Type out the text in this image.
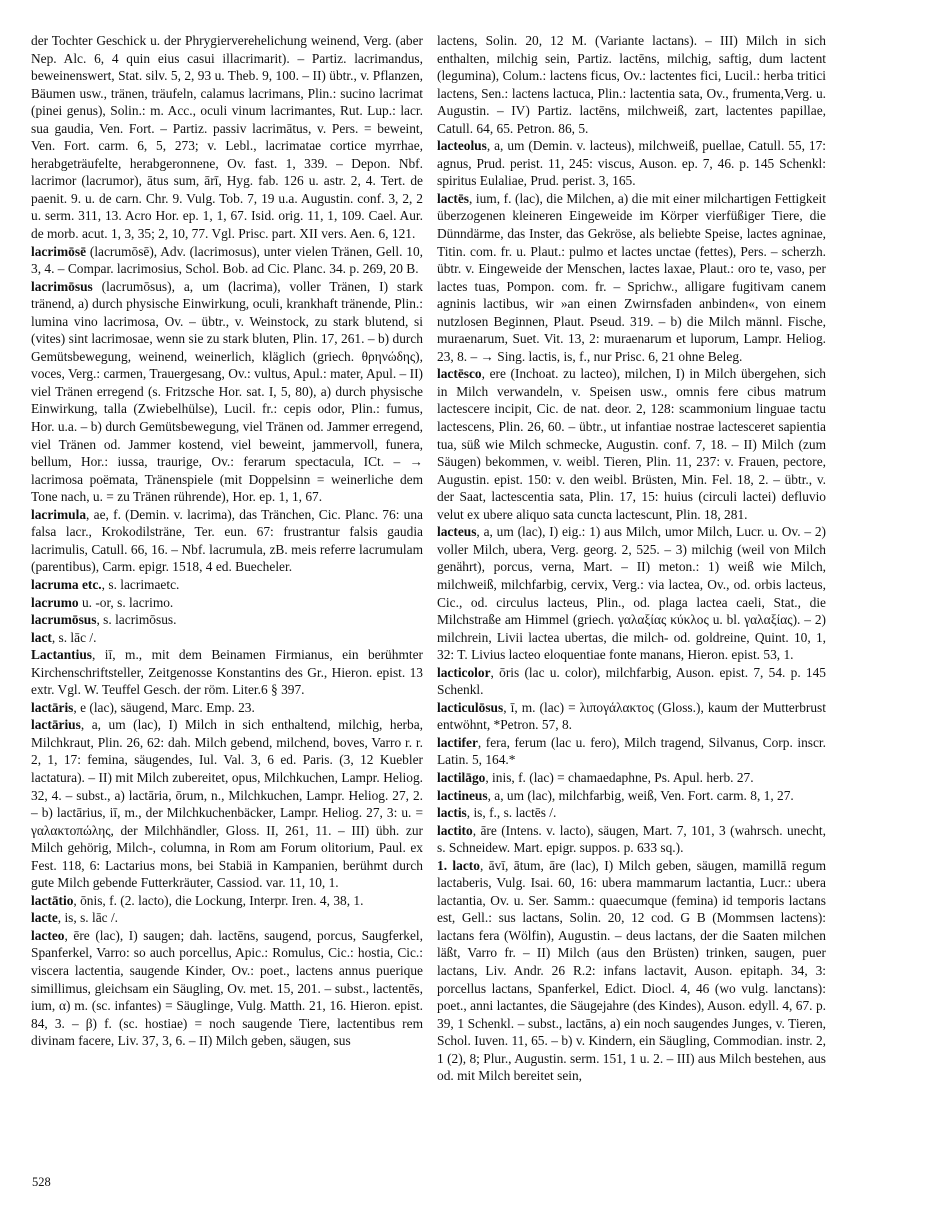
der Tochter Geschick u. der Phrygierverehelichung weinend, Verg. (aber Nep. Alc. 6, 4 quin eius casui illacrimarit). – Partiz. lacrimandus, beweinenswert, Stat. silv. 5, 2, 93 u. Theb. 9, 100. – II) übtr., v. Pflanzen, Bäumen usw., tränen, träufeln, calamus lacrimans, Plin.: sucino lacrimat (pinei genus), Solin.: m. Acc., oculi vinum lacrimantes, Rut. Lup.: lacr. sua gaudia, Ven. Fort. – Partiz. passiv lacrimātus, v. Pers. = beweint, Ven. Fort. carm. 6, 5, 273; v. Lebl., lacrimatae cortice myrrhae, herabgeträufelte, herabgeronnene, Ov. fast. 1, 339. – Depon. Nbf. lacrimor (lacrumor), ātus sum, ārī, Hyg. fab. 126 u. astr. 2, 4. Tert. de paenit. 9. u. de carn. Chr. 9. Vulg. Tob. 7, 19 u.a. Augustin. conf. 3, 2, 2 u. serm. 311, 13. Acro Hor. ep. 1, 1, 67. Isid. orig. 11, 1, 109. Cael. Aur. de morb. acut. 1, 3, 35; 2, 10, 77. Vgl. Prisc. part. XII vers. Aen. 6, 121.

lacrimōsē (lacrumōsē), Adv. (lacrimosus), unter vielen Tränen, Gell. 10, 3, 4. – Compar. lacrimosius, Schol. Bob. ad Cic. Planc. 34. p. 269, 20 B.

lacrimōsus (lacrumōsus), a, um (lacrima), voller Tränen, I) stark tränend, a) durch physische Einwirkung, oculi, krankhaft tränende, Plin.: lumina vino lacrimosa, Ov. – übtr., v. Weinstock, zu stark blutend, si (vites) sint lacrimosae, wenn sie zu stark bluten, Plin. 17, 261. – b) durch Gemütsbewegung, weinend, weinerlich, kläglich (griech. θρηνώδης), voces, Verg.: carmen, Trauergesang, Ov.: vultus, Apul.: mater, Apul. – II) viel Tränen erregend (s. Fritzsche Hor. sat. I, 5, 80), a) durch physische Einwirkung, talla (Zwiebelhülse), Lucil. fr.: cepis odor, Plin.: fumus, Hor. u.a. – b) durch Gemütsbewegung, viel Tränen od. Jammer erregend, viel Tränen od. Jammer kostend, viel beweint, jammervoll, funera, bellum, Hor.: iussa, traurige, Ov.: ferarum spectacula, ICt. – → lacrimosa poëmata, Tränenspiele (mit Doppelsinn = weinerliche dem Tone nach, u. = zu Tränen rührende), Hor. ep. 1, 1, 67.

lacrimula, ae, f. (Demin. v. lacrima), das Tränchen, Cic. Planc. 76: una falsa lacr., Krokodilsträne, Ter. eun. 67: frustrantur falsis gaudia lacrimulis, Catull. 66, 16. – Nbf. lacrumula, zB. meis referre lacrumulam (parentibus), Carm. epigr. 1518, 4 ed. Buecheler.

lacruma etc., s. lacrimaetc.

lacrumo u. -or, s. lacrimo.

lacrumōsus, s. lacrimōsus.

lact, s. lāc /.

Lactantius, iī, m., mit dem Beinamen Firmianus, ein berühmter Kirchenschriftsteller, Zeitgenosse Konstantins des Gr., Hieron. epist. 13 extr. Vgl. W. Teuffel Gesch. der röm. Liter.6 § 397.

lactāris, e (lac), säugend, Marc. Emp. 23.

lactārius, a, um (lac), I) Milch in sich enthaltend, milchig, herba, Milchkraut, Plin. 26, 62: dah. Milch gebend, milchend, boves, Varro r. r. 2, 1, 17: femina, säugendes, Iul. Val. 3, 6 ed. Paris. (3, 12 Kuebler lactatura). – II) mit Milch zubereitet, opus, Milchkuchen, Lampr. Heliog. 32, 4. – subst., a) lactāria, ōrum, n., Milchkuchen, Lampr. Heliog. 27, 2. – b) lactārius, iī, m., der Milchkuchenbäcker, Lampr. Heliog. 27, 3: u. = γαλακτοπώλης, der Milchhändler, Gloss. II, 261, 11. – III) übh. zur Milch gehörig, Milch-, columna, in Rom am Forum olitorium, Paul. ex Fest. 118, 6: Lactarius mons, bei Stabiä in Kampanien, berühmt durch gute Milch gebende Futterkräuter, Cassiod. var. 11, 10, 1.

lactātio, ōnis, f. (2. lacto), die Lockung, Interpr. Iren. 4, 38, 1.

lacte, is, s. lāc /.

lacteo, ēre (lac), I) saugen; dah. lactēns, saugend, porcus, Saugferkel, Spanferkel, Varro: so auch porcellus, Apic.: Romulus, Cic.: hostia, Cic.: viscera lactentia, saugende Kinder, Ov.: poet., lactens annus puerique simillimus, gleichsam ein Säugling, Ov. met. 15, 201. – subst., lactentēs, ium, α) m. (sc. infantes) = Säuglinge, Vulg. Matth. 21, 16. Hieron. epist. 84, 3. – β) f. (sc. hostiae) = noch saugende Tiere, lactentibus rem divinam facere, Liv. 37, 3, 6. – II) Milch geben, säugen, sus

lactens, Solin. 20, 12 M. (Variante lactans). – III) Milch in sich enthalten, milchig sein, Partiz. lactēns, milchig, saftig, dum lactent (legumina), Colum.: lactens ficus, Ov.: lactentes fici, Lucil.: herba tritici lactens, Sen.: lactens lactuca, Plin.: lactentia sata, Ov., frumenta,Verg. u. Augustin. – IV) Partiz. lactēns, milchweiß, zart, lactentes papillae, Catull. 64, 65. Petron. 86, 5.

lacteolus, a, um (Demin. v. lacteus), milchweiß, puellae, Catull. 55, 17: agnus, Prud. perist. 11, 245: viscus, Auson. ep. 7, 46. p. 145 Schenkl: spiritus Eulaliae, Prud. perist. 3, 165.

lactēs, ium, f. (lac), die Milchen, a) die mit einer milchartigen Fettigkeit überzogenen kleineren Eingeweide im Körper vierfüßiger Tiere, die Dünndärme, das Inster, das Gekröse, als beliebte Speise, lactes agninae, Titin. com. fr. u. Plaut.: pulmo et lactes unctae (fettes), Pers. – scherzh. übtr. v. Eingeweide der Menschen, lactes laxae, Plaut.: oro te, vaso, per lactes tuas, Pompon. com. fr. – Sprichw., alligare fugitivam canem agninis lactibus, wir »an einen Zwirnsfaden anbinden«, von einem nutzlosen Beginnen, Plaut. Pseud. 319. – b) die Milch männl. Fische, muraenarum, Suet. Vit. 13, 2: muraenarum et luporum, Lampr. Heliog. 23, 8. – → Sing. lactis, is, f., nur Prisc. 6, 21 ohne Beleg.

lactēsco, ere (Inchoat. zu lacteo), milchen, I) in Milch übergehen, sich in Milch verwandeln, v. Speisen usw., omnis fere cibus matrum lactescere incipit, Cic. de nat. deor. 2, 128: scammonium linguae tactu lactescens, Plin. 26, 60. – übtr., ut infantiae nostrae lactesceret sapientia tua, süß wie Milch schmecke, Augustin. conf. 7, 18. – II) Milch (zum Säugen) bekommen, v. weibl. Tieren, Plin. 11, 237: v. Frauen, pectore, Augustin. epist. 150: v. den weibl. Brüsten, Min. Fel. 18, 2. – übtr., v. der Saat, lactescentia sata, Plin. 17, 15: huius (circuli lactei) defluvio velut ex ubere aliquo sata cuncta lactescunt, Plin. 18, 281.

lacteus, a, um (lac), I) eig.: 1) aus Milch, umor Milch, Lucr. u. Ov. – 2) voller Milch, ubera, Verg. georg. 2, 525. – 3) milchig (weil von Milch genährt), porcus, verna, Mart. – II) meton.: 1) weiß wie Milch, milchweiß, milchfarbig, cervix, Verg.: via lactea, Ov., od. orbis lacteus, Cic., od. circulus lacteus, Plin., od. plaga lactea caeli, Stat., die Milchstraße am Himmel (griech. γαλαξίας κύκλος u. bl. γαλαξίας). – 2) milchrein, Livii lactea ubertas, die milch- od. goldreine, Quint. 10, 1, 32: T. Livius lacteo eloquentiae fonte manans, Hieron. epist. 53, 1.

lacticolor, ōris (lac u. color), milchfarbig, Auson. epist. 7, 54. p. 145 Schenkl.

lacticulōsus, ī, m. (lac) = λιπογάλακτος (Gloss.), kaum der Mutterbrust entwöhnt, *Petron. 57, 8.

lactifer, fera, ferum (lac u. fero), Milch tragend, Silvanus, Corp. inscr. Latin. 5, 164.*

lactilāgo, inis, f. (lac) = chamaedaphne, Ps. Apul. herb. 27.

lactineus, a, um (lac), milchfarbig, weiß, Ven. Fort. carm. 8, 1, 27.

lactis, is, f., s. lactēs /.

lactito, āre (Intens. v. lacto), säugen, Mart. 7, 101, 3 (wahrsch. unecht, s. Schneidew. Mart. epigr. suppos. p. 633 sq.).

1. lacto, āvī, ātum, āre (lac), I) Milch geben, säugen, mamillā regum lactaberis, Vulg. Isai. 60, 16: ubera mammarum lactantia, Lucr.: ubera lactantia, Ov. u. Ser. Samm.: quaecumque (femina) id temporis lactans est, Gell.: sus lactans, Solin. 20, 12 cod. G B (Mommsen lactens): lactans fera (Wölfin), Augustin. – deus lactans, der die Saaten milchen läßt, Varro fr. – II) Milch (aus den Brüsten) trinken, saugen, puer lactans, Liv. Andr. 26 R.2: infans lactavit, Auson. epitaph. 34, 3: porcellus lactans, Spanferkel, Edict. Diocl. 4, 46 (wo vulg. lanctans): poet., anni lactantes, die Säugejahre (des Kindes), Auson. edyll. 4, 67. p. 39, 1 Schenkl. – subst., lactāns, a) ein noch saugendes Junges, v. Tieren, Schol. Iuven. 11, 65. – b) v. Kindern, ein Säugling, Commodian. instr. 2, 1 (2), 8; Plur., Augustin. serm. 151, 1 u. 2. – III) aus Milch bestehen, aus od. mit Milch bereitet sein,

528
